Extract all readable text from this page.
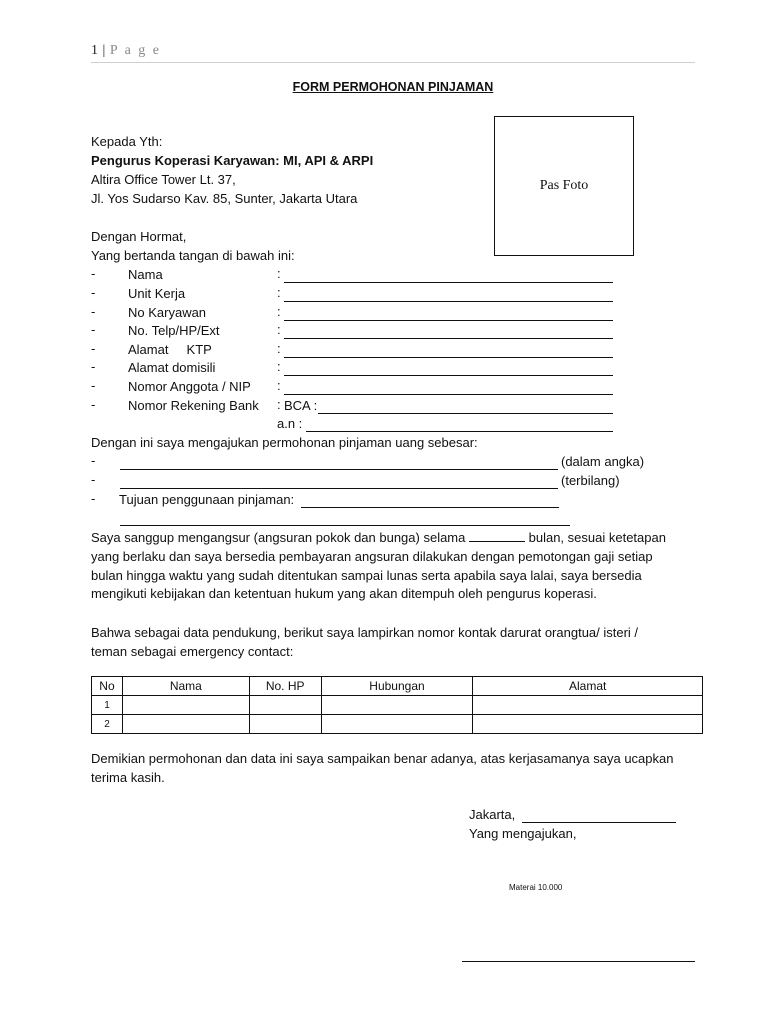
1 | P a g e
FORM PERMOHONAN PINJAMAN
Kepada Yth:
Pengurus Koperasi Karyawan: MI, API & ARPI
Altira Office Tower Lt. 37,
Jl. Yos Sudarso Kav. 85, Sunter, Jakarta Utara
Pas Foto
Dengan Hormat,
Yang bertanda tangan di bawah ini:
-	Nama	:
-	Unit Kerja	:
-	No Karyawan	:
-	No. Telp/HP/Ext	:
-	Alamat     KTP	:
-	Alamat domisili	:
-	Nomor Anggota / NIP :
-	Nomor Rekening Bank : BCA :
a.n :
Dengan ini saya mengajukan permohonan pinjaman uang sebesar:
-	(dalam angka)
-	(terbilang)
- Tujuan penggunaan pinjaman:
Saya sanggup mengangsur (angsuran pokok dan bunga) selama	bulan, sesuai ketetapan
yang berlaku dan saya bersedia pembayaran angsuran dilakukan dengan pemotongan gaji setiap
bulan hingga waktu yang sudah ditentukan sampai lunas serta apabila saya lalai, saya bersedia
mengikuti kebijakan dan ketentuan hukum yang akan ditempuh oleh pengurus koperasi.
Bahwa sebagai data pendukung, berikut saya lampirkan nomor kontak darurat orangtua/ isteri /
teman sebagai emergency contact:
No	Nama	No. HP	Hubungan	Alamat
1				
2				
Demikian permohonan dan data ini saya sampaikan benar adanya, atas kerjasamanya saya ucapkan
terima kasih.
Jakarta,
Yang mengajukan,
Materai 10.000
